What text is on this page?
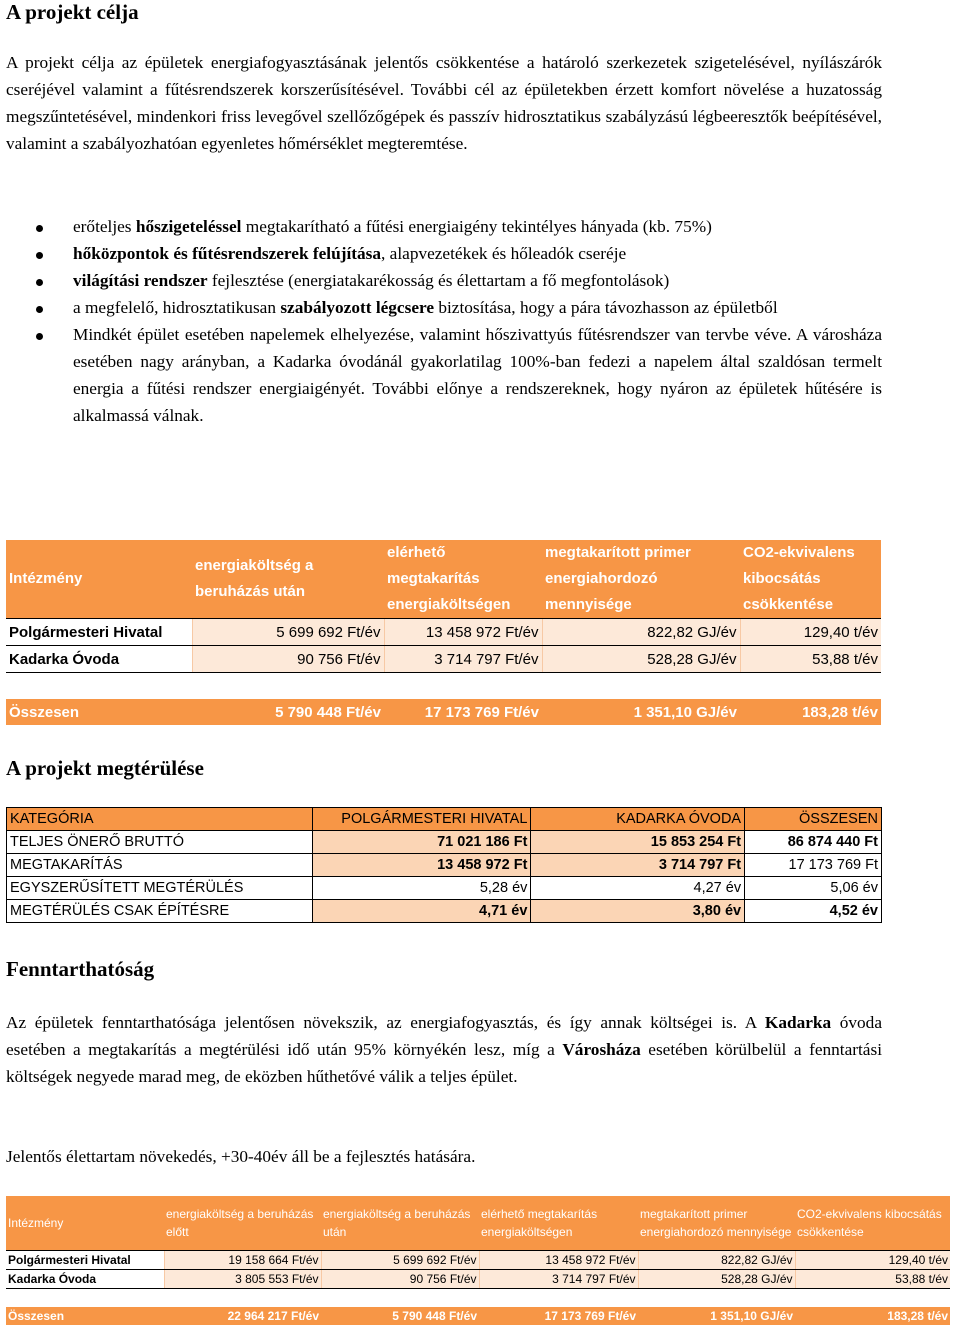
A projekt célja

A projekt célja az épületek energiafogyasztásának jelentős csökkentése a határoló szerkezetek szigetelésével, nyílászárók cseréjével valamint a fűtésrendszerek korszerűsítésével. További cél az épületekben érzett komfort növelése a huzatosság megszűntetésével, mindenkori friss levegővel szellőzőgépek és passzív hidrosztatikus szabályzású légbeeresztők beépítésével, valamint a szabályozhatóan egyenletes hőmérséklet megteremtése.

erőteljes hőszigeteléssel megtakarítható a fűtési energiaigény tekintélyes hányada (kb. 75%)
hőközpontok és fűtésrendszerek felújítása, alapvezetékek és hőleadók cseréje
világítási rendszer fejlesztése (energiatakarékosság és élettartam a fő megfontolások)
a megfelelő, hidrosztatikusan szabályozott légcsere biztosítása, hogy a pára távozhasson az épületből
Mindkét épület esetében napelemek elhelyezése, valamint hőszivattyús fűtésrendszer van tervbe véve. A városháza esetében nagy arányban, a Kadarka óvodánál gyakorlatilag 100%-ban fedezi a napelem által szaldósan termelt energia a fűtési rendszer energiaigényét. További előnye a rendszereknek, hogy nyáron az épületek hűtésére is alkalmassá válnak.
Intézmény	energiaköltség a beruházás után	elérhető megtakarítás energiaköltségen	megtakarított primer energiahordozó mennyisége	CO2-ekvivalens kibocsátás csökkentése
Polgármesteri Hivatal	5 699 692 Ft/év	13 458 972 Ft/év	822,82 GJ/év	129,40 t/év
Kadarka Óvoda	90 756 Ft/év	3 714 797 Ft/év	528,28 GJ/év	53,88 t/év

Összesen	5 790 448 Ft/év	17 173 769 Ft/év	1 351,10 GJ/év	183,28 t/év
A projekt megtérülése
KATEGÓRIA	POLGÁRMESTERI HIVATAL	KADARKA ÓVODA	ÖSSZESEN
TELJES ÖNERŐ BRUTTÓ	71 021 186 Ft	15 853 254 Ft	86 874 440 Ft
MEGTAKARÍTÁS	13 458 972 Ft	3 714 797 Ft	17 173 769 Ft
EGYSZERŰSÍTETT MEGTÉRÜLÉS	5,28 év	4,27 év	5,06 év
MEGTÉRÜLÉS CSAK ÉPÍTÉSRE	4,71 év	3,80 év	4,52 év
Fenntarthatóság

Az épületek fenntarthatósága jelentősen növekszik, az energiafogyasztás, és így annak költségei is. A Kadarka óvoda esetében a megtakarítás a megtérülési idő után 95% környékén lesz, míg a Városháza esetében körülbelül a fenntartási költségek negyede marad meg, de eközben hűthetővé válik a teljes épület.

Jelentős élettartam növekedés, +30-40év áll be a fejlesztés hatására.

Intézmény	energiaköltség a beruházás előtt	energiaköltség a beruházás után	elérhető megtakarítás energiaköltségen	megtakarított primer energiahordozó mennyisége	CO2-ekvivalens kibocsátás csökkentése
Polgármesteri Hivatal	19 158 664 Ft/év	5 699 692 Ft/év	13 458 972 Ft/év	822,82 GJ/év	129,40 t/év
Kadarka Óvoda	3 805 553 Ft/év	90 756 Ft/év	3 714 797 Ft/év	528,28 GJ/év	53,88 t/év

Összesen	22 964 217 Ft/év	5 790 448 Ft/év	17 173 769 Ft/év	1 351,10 GJ/év	183,28 t/év
